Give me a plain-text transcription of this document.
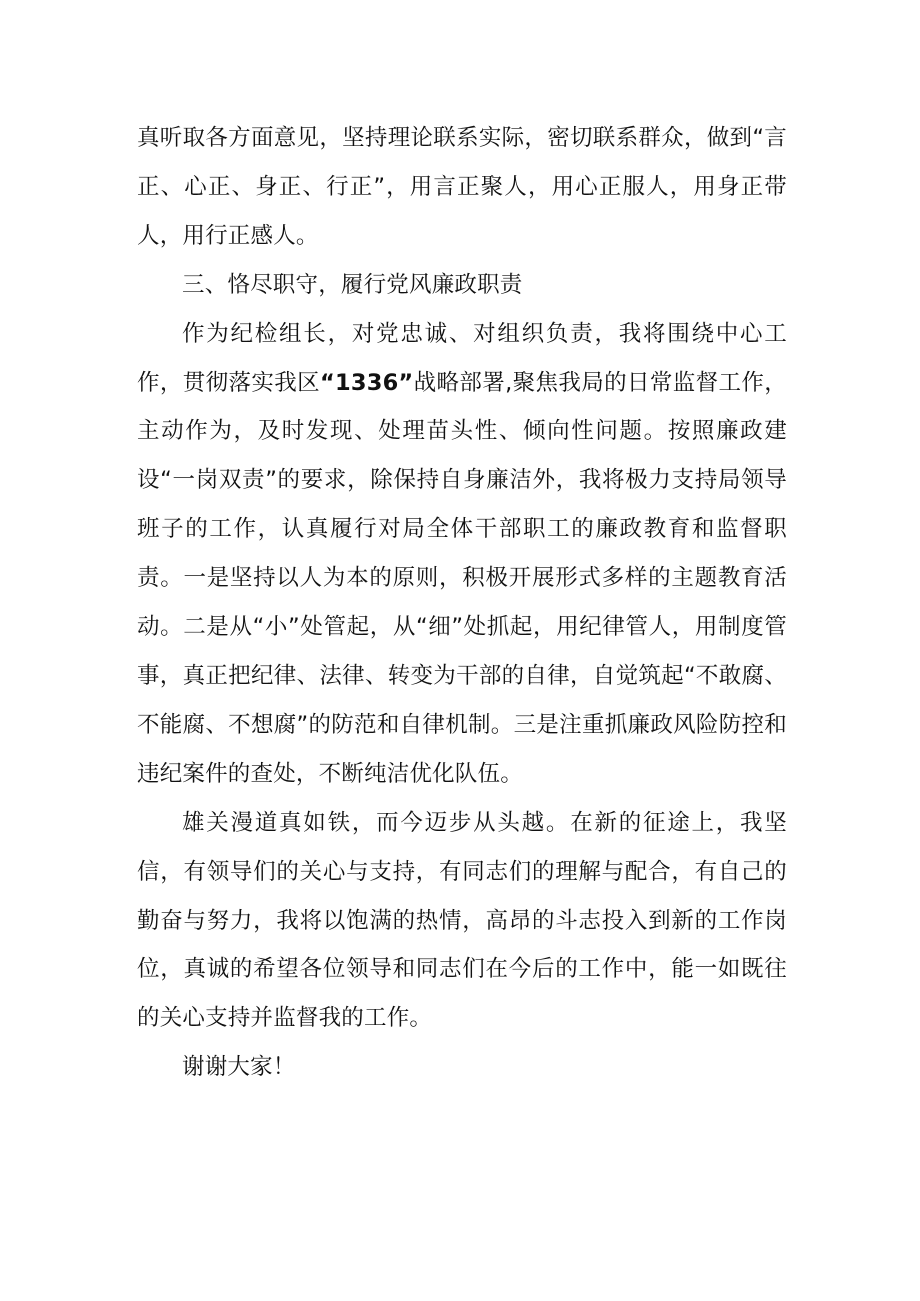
真听取各方面意见，坚持理论联系实际，密切联系群众，做到“言正、心正、身正、行正”，用言正聚人，用心正服人，用身正带人，用行正感人。

三、恪尽职守，履行党风廉政职责

作为纪检组长，对党忠诚、对组织负责，我将围绕中心工作，贯彻落实我区“1336”战略部署,聚焦我局的日常监督工作，主动作为，及时发现、处理苗头性、倾向性问题。按照廉政建设“一岗双责”的要求，除保持自身廉洁外，我将极力支持局领导班子的工作，认真履行对局全体干部职工的廉政教育和监督职责。一是坚持以人为本的原则，积极开展形式多样的主题教育活动。二是从“小”处管起，从“细”处抓起，用纪律管人，用制度管事，真正把纪律、法律、转变为干部的自律，自觉筑起“不敢腐、不能腐、不想腐”的防范和自律机制。三是注重抓廉政风险防控和违纪案件的查处，不断纯洁优化队伍。

雄关漫道真如铁，而今迈步从头越。在新的征途上，我坚信，有领导们的关心与支持，有同志们的理解与配合，有自己的勤奋与努力，我将以饱满的热情，高昂的斗志投入到新的工作岗位，真诚的希望各位领导和同志们在今后的工作中，能一如既往的关心支持并监督我的工作。

谢谢大家！
